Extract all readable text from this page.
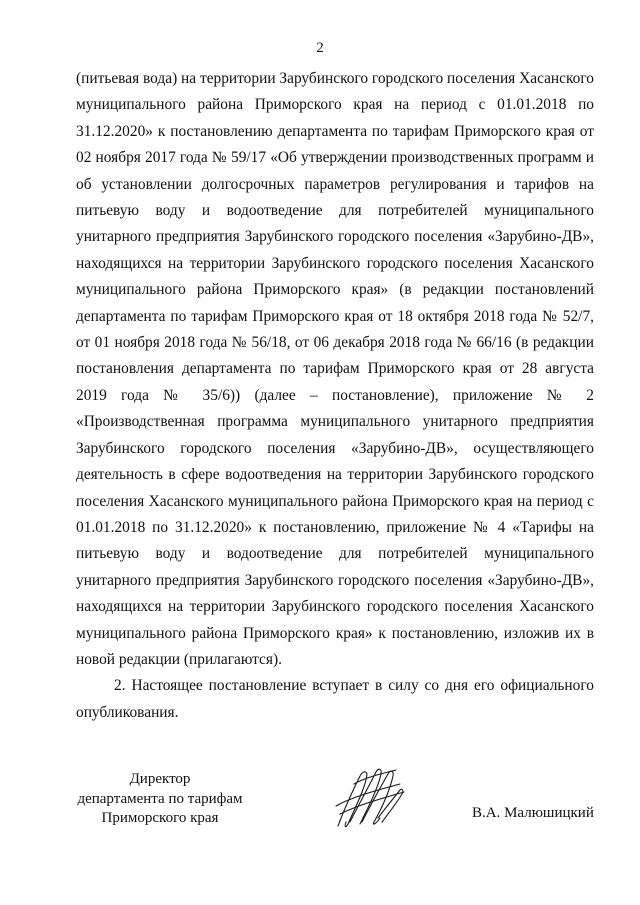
2

(питьевая вода) на территории Зарубинского городского поселения Хасанского муниципального района Приморского края на период с 01.01.2018 по 31.12.2020» к постановлению департамента по тарифам Приморского края от 02 ноября 2017 года № 59/17 «Об утверждении производственных программ и об установлении долгосрочных параметров регулирования и тарифов на питьевую воду и водоотведение для потребителей муниципального унитарного предприятия Зарубинского городского поселения «Зарубино-ДВ», находящихся на территории Зарубинского городского поселения Хасанского муниципального района Приморского края» (в редакции постановлений департамента по тарифам Приморского края от 18 октября 2018 года № 52/7, от 01 ноября 2018 года № 56/18, от 06 декабря 2018 года № 66/16 (в редакции постановления департамента по тарифам Приморского края от 28 августа 2019 года № 35/6)) (далее – постановление), приложение № 2 «Производственная программа муниципального унитарного предприятия Зарубинского городского поселения «Зарубино-ДВ», осуществляющего деятельность в сфере водоотведения на территории Зарубинского городского поселения Хасанского муниципального района Приморского края на период с 01.01.2018 по 31.12.2020» к постановлению, приложение № 4 «Тарифы на питьевую воду и водоотведение для потребителей муниципального унитарного предприятия Зарубинского городского поселения «Зарубино-ДВ», находящихся на территории Зарубинского городского поселения Хасанского муниципального района Приморского края» к постановлению, изложив их в новой редакции (прилагаются).

2. Настоящее постановление вступает в силу со дня его официального опубликования.

Директор
департамента по тарифам
Приморского края	В.А. Малюшицкий
